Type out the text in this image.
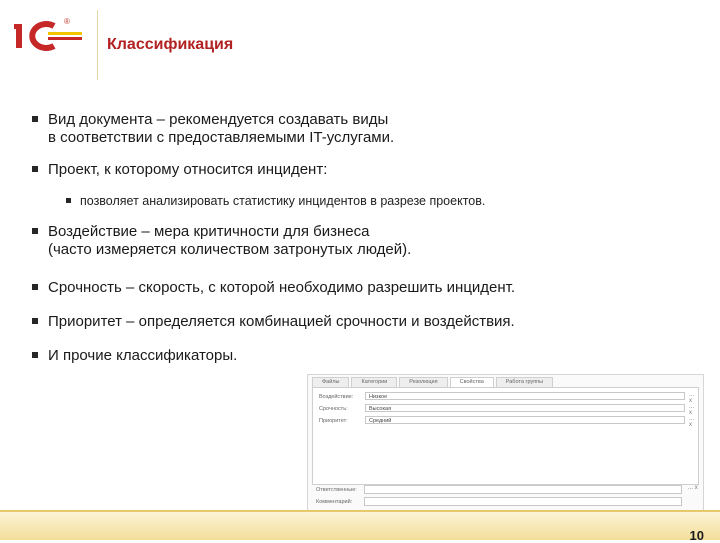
®
Классификация
Вид документа – рекомендуется создавать виды
в соответствии с предоставляемыми IT-услугами.
Проект, к которому относится инцидент:
позволяет анализировать статистику инцидентов в разрезе проектов.
Воздействие – мера критичности для бизнеса
(часто измеряется количеством затронутых людей).
Срочность – скорость, с которой необходимо разрешить инцидент.
Приоритет – определяется комбинацией срочности и воздействия.
И прочие классификаторы.
Файлы	Категории	Резолюция	Свойства	Работа группы
Воздействие:	Низкое	... x
Срочность:	Высокая	... x
Приоритет:	Средний	... x
Ответственные:	... x
Комментарий:
10
